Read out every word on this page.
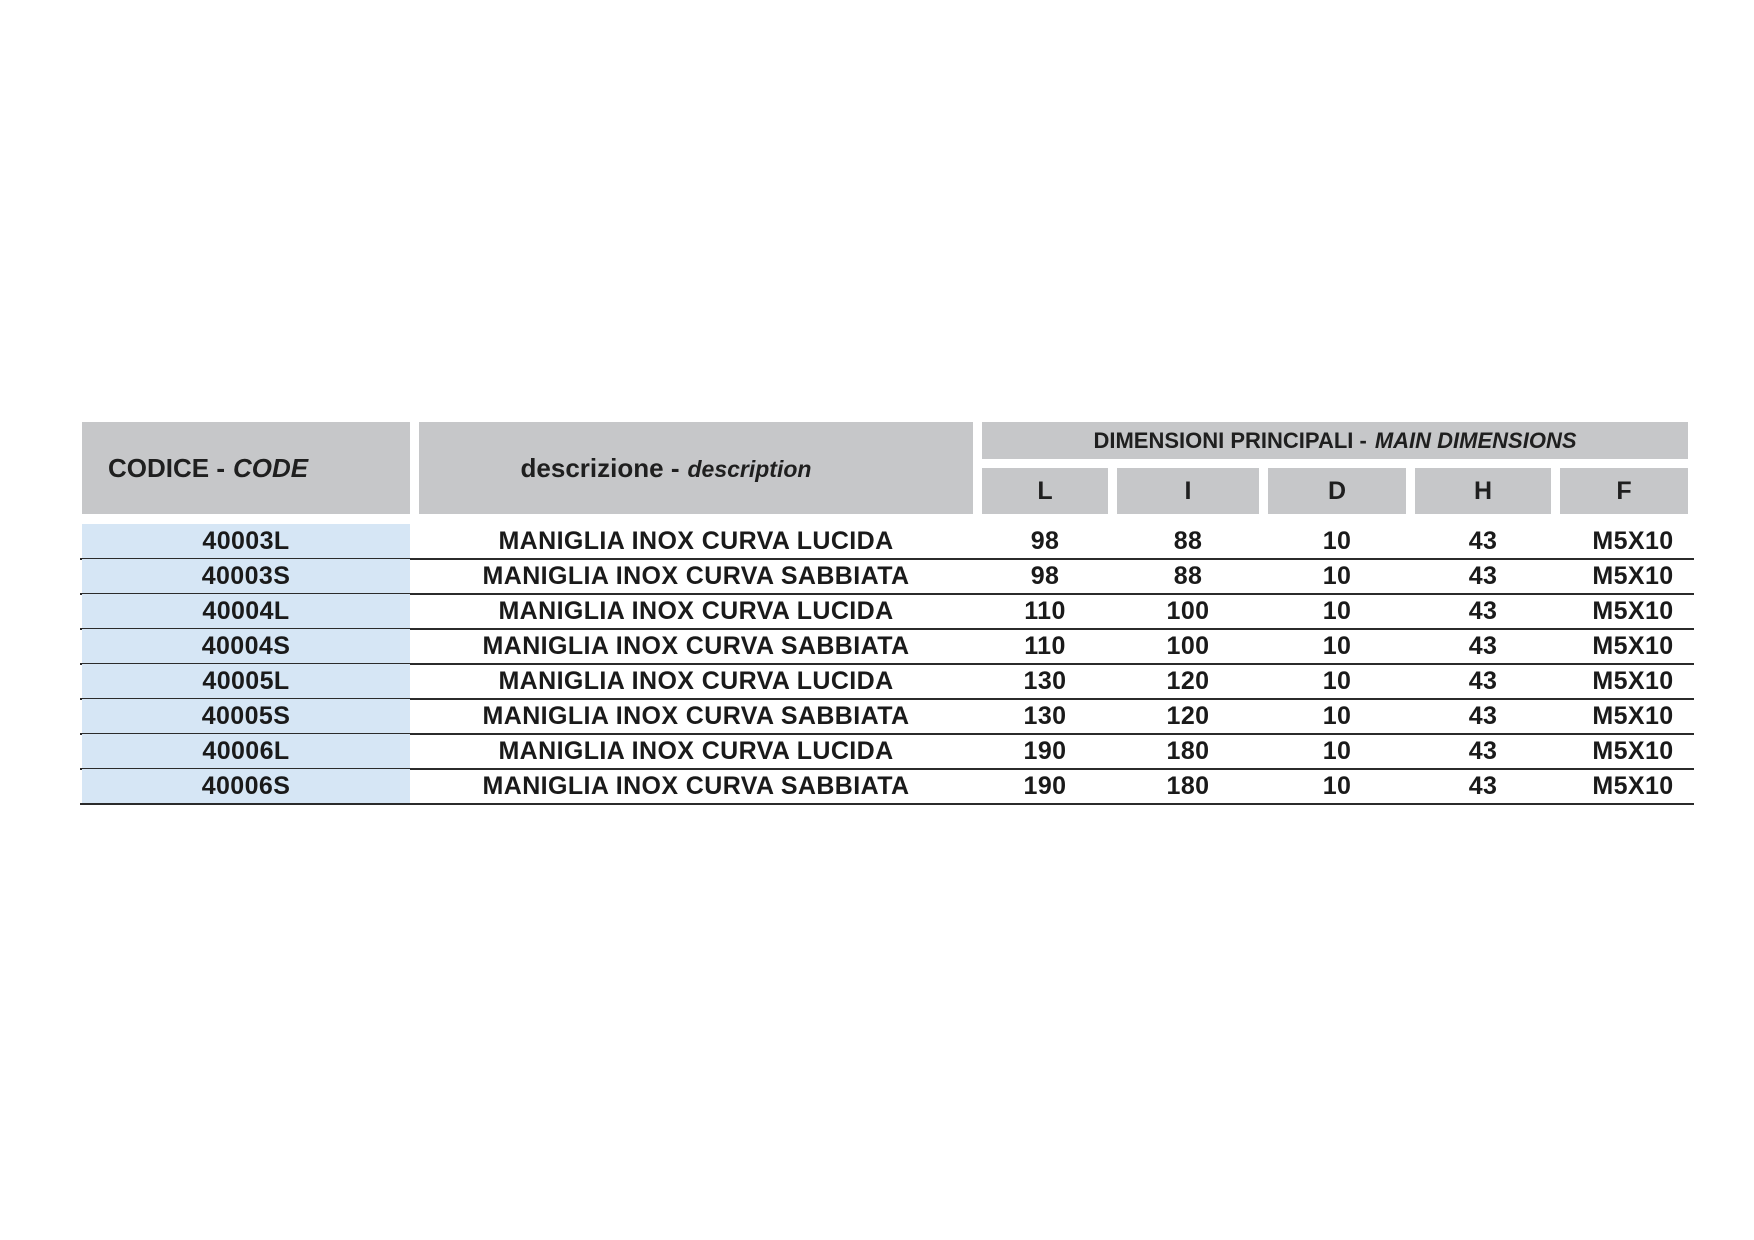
CODICE - CODE	descrizione - description
DIMENSIONI PRINCIPALI - MAIN DIMENSIONS
L	I	D	H	F
40003L	MANIGLIA INOX CURVA LUCIDA	98	88	10	43	M5X10
40003S	MANIGLIA INOX CURVA SABBIATA	98	88	10	43	M5X10
40004L	MANIGLIA INOX CURVA LUCIDA	110	100	10	43	M5X10
40004S	MANIGLIA INOX CURVA SABBIATA	110	100	10	43	M5X10
40005L	MANIGLIA INOX CURVA LUCIDA	130	120	10	43	M5X10
40005S	MANIGLIA INOX CURVA SABBIATA	130	120	10	43	M5X10
40006L	MANIGLIA INOX CURVA LUCIDA	190	180	10	43	M5X10
40006S	MANIGLIA INOX CURVA SABBIATA	190	180	10	43	M5X10
